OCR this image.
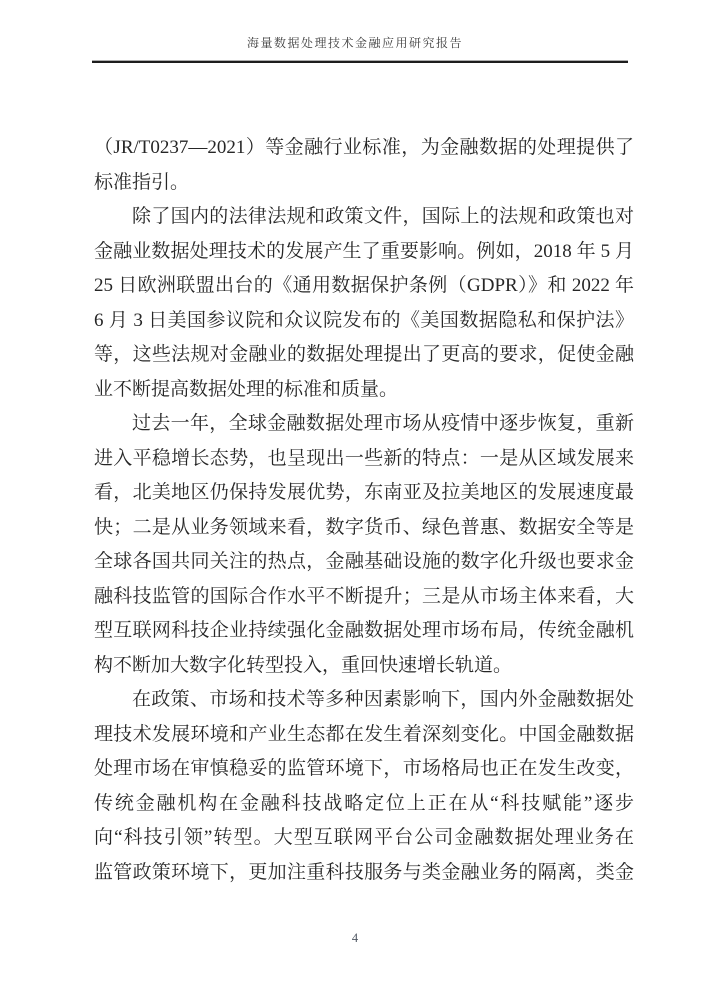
海量数据处理技术金融应用研究报告
（JR/T0237—2021）等金融行业标准，为金融数据的处理提供了
标准指引。
除了国内的法律法规和政策文件，国际上的法规和政策也对
金融业数据处理技术的发展产生了重要影响。例如，2018 年 5 月
25 日欧洲联盟出台的《通用数据保护条例（GDPR）》和 2022 年
6 月 3 日美国参议院和众议院发布的《美国数据隐私和保护法》
等，这些法规对金融业的数据处理提出了更高的要求，促使金融
业不断提高数据处理的标准和质量。
过去一年，全球金融数据处理市场从疫情中逐步恢复，重新
进入平稳增长态势，也呈现出一些新的特点：一是从区域发展来
看，北美地区仍保持发展优势，东南亚及拉美地区的发展速度最
快；二是从业务领域来看，数字货币、绿色普惠、数据安全等是
全球各国共同关注的热点，金融基础设施的数字化升级也要求金
融科技监管的国际合作水平不断提升；三是从市场主体来看，大
型互联网科技企业持续强化金融数据处理市场布局，传统金融机
构不断加大数字化转型投入，重回快速增长轨道。
在政策、市场和技术等多种因素影响下，国内外金融数据处
理技术发展环境和产业生态都在发生着深刻变化。中国金融数据
处理市场在审慎稳妥的监管环境下，市场格局也正在发生改变，
传统金融机构在金融科技战略定位上正在从“科技赋能”逐步
向“科技引领”转型。大型互联网平台公司金融数据处理业务在
监管政策环境下，更加注重科技服务与类金融业务的隔离，类金
4
